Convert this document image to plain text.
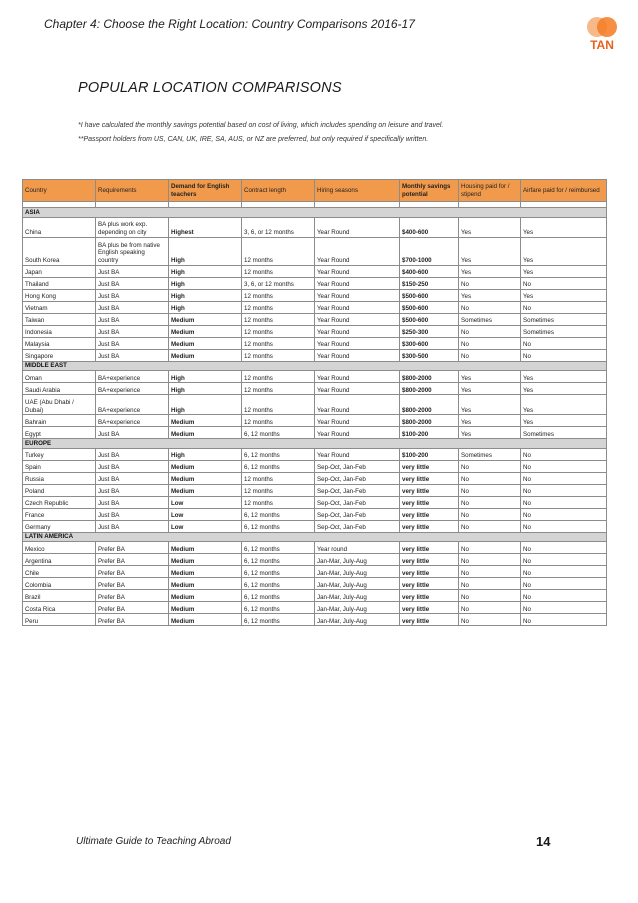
Chapter 4: Choose the Right Location: Country Comparisons 2016-17
TAN
POPULAR LOCATION COMPARISONS
*I have calculated the monthly savings potential based on cost of living, which includes spending on leisure and travel.
**Passport holders from US, CAN, UK, IRE, SA, AUS, or NZ are preferred, but only required if specifically written.
Country	Requirements	Demand for English teachers	Contract length	Hiring seasons	Monthly savings potential	Housing paid for / stipend	Airfare paid for / reimbursed

ASIA							
China	BA plus work exp. depending on city	Highest	3, 6, or 12 months	Year Round	$400-600	Yes	Yes
South Korea	BA plus be from native English speaking country	High	12 months	Year Round	$700-1000	Yes	Yes
Japan	Just BA	High	12 months	Year Round	$400-600	Yes	Yes
Thailand	Just BA	High	3, 6, or 12 months	Year Round	$150-250	No	No
Hong Kong	Just BA	High	12 months	Year Round	$500-600	Yes	Yes
Vietnam	Just BA	High	12 months	Year Round	$500-600	No	No
Taiwan	Just BA	Medium	12 months	Year Round	$500-600	Sometimes	Sometimes
Indonesia	Just BA	Medium	12 months	Year Round	$250-300	No	Sometimes
Malaysia	Just BA	Medium	12 months	Year Round	$300-600	No	No
Singapore	Just BA	Medium	12 months	Year Round	$300-500	No	No
MIDDLE EAST							
Oman	BA+experience	High	12 months	Year Round	$800-2000	Yes	Yes
Saudi Arabia	BA+experience	High	12 months	Year Round	$800-2000	Yes	Yes
UAE (Abu Dhabi / Dubai)	BA+experience	High	12 months	Year Round	$800-2000	Yes	Yes
Bahrain	BA+experience	Medium	12 months	Year Round	$800-2000	Yes	Yes
Egypt	Just BA	Medium	6, 12 months	Year Round	$100-200	Yes	Sometimes
EUROPE							
Turkey	Just BA	High	6, 12 months	Year Round	$100-200	Sometimes	No
Spain	Just BA	Medium	6, 12 months	Sep-Oct, Jan-Feb	very little	No	No
Russia	Just BA	Medium	12 months	Sep-Oct, Jan-Feb	very little	No	No
Poland	Just BA	Medium	12 months	Sep-Oct, Jan-Feb	very little	No	No
Czech Republic	Just BA	Low	12 months	Sep-Oct, Jan-Feb	very little	No	No
France	Just BA	Low	6, 12 months	Sep-Oct, Jan-Feb	very little	No	No
Germany	Just BA	Low	6, 12 months	Sep-Oct, Jan-Feb	very little	No	No
LATIN AMERICA							
Mexico	Prefer BA	Medium	6, 12 months	Year round	very little	No	No
Argentina	Prefer BA	Medium	6, 12 months	Jan-Mar, July-Aug	very little	No	No
Chile	Prefer BA	Medium	6, 12 months	Jan-Mar, July-Aug	very little	No	No
Colombia	Prefer BA	Medium	6, 12 months	Jan-Mar, July-Aug	very little	No	No
Brazil	Prefer BA	Medium	6, 12 months	Jan-Mar, July-Aug	very little	No	No
Costa Rica	Prefer BA	Medium	6, 12 months	Jan-Mar, July-Aug	very little	No	No
Peru	Prefer BA	Medium	6, 12 months	Jan-Mar, July-Aug	very little	No	No
Ultimate Guide to Teaching Abroad	14
